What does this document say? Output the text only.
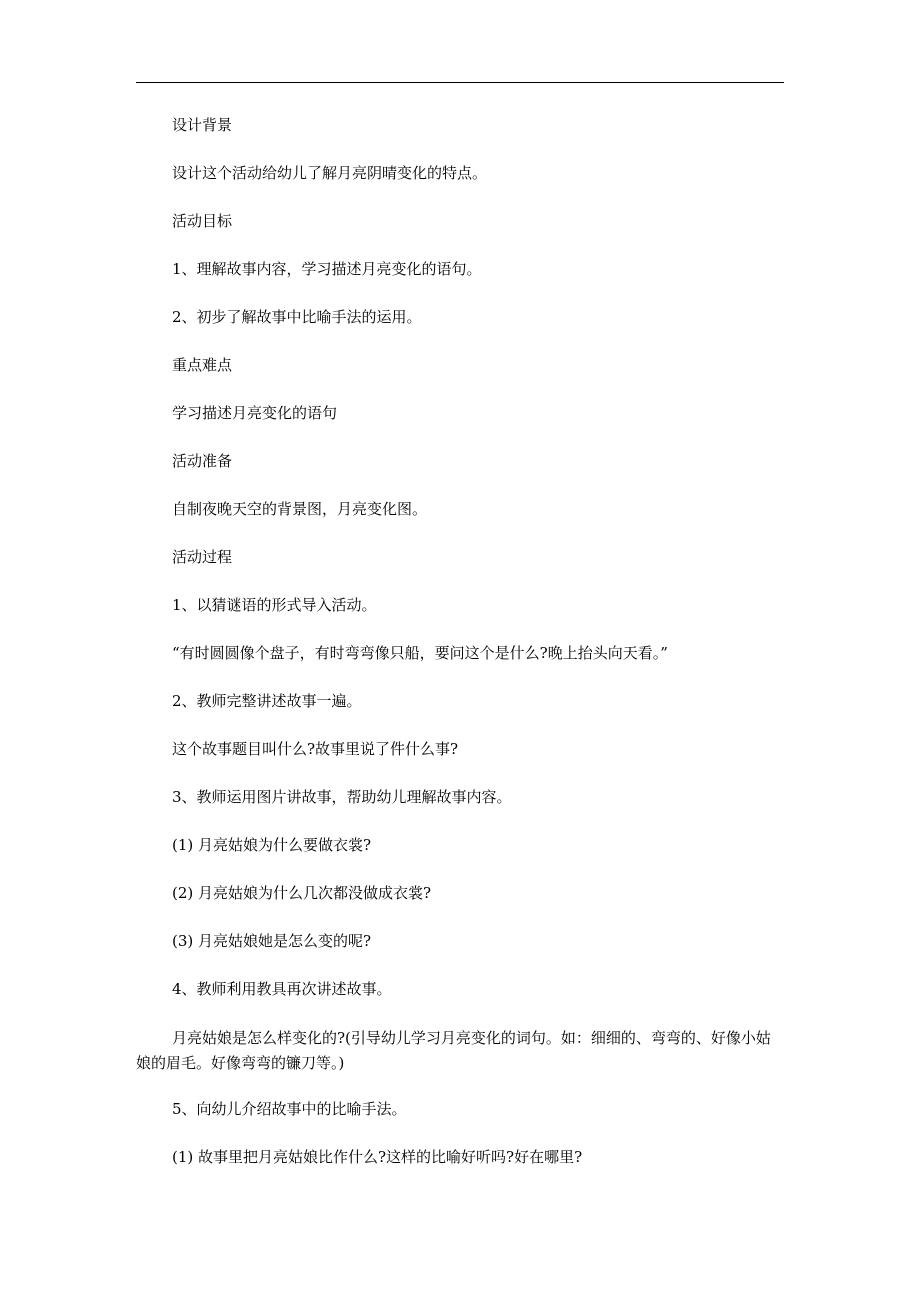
设计背景

设计这个活动给幼儿了解月亮阴晴变化的特点。

活动目标

1、理解故事内容，学习描述月亮变化的语句。

2、初步了解故事中比喻手法的运用。

重点难点

学习描述月亮变化的语句

活动准备

自制夜晚天空的背景图，月亮变化图。

活动过程

1、以猜谜语的形式导入活动。

“有时圆圆像个盘子，有时弯弯像只船，要问这个是什么?晚上抬头向天看。”

2、教师完整讲述故事一遍。

这个故事题目叫什么?故事里说了件什么事?

3、教师运用图片讲故事，帮助幼儿理解故事内容。

(1) 月亮姑娘为什么要做衣裳?

(2) 月亮姑娘为什么几次都没做成衣裳?

(3) 月亮姑娘她是怎么变的呢?

4、教师利用教具再次讲述故事。

月亮姑娘是怎么样变化的?(引导幼儿学习月亮变化的词句。如：细细的、弯弯的、好像小姑娘的眉毛。好像弯弯的镰刀等。)

5、向幼儿介绍故事中的比喻手法。

(1) 故事里把月亮姑娘比作什么?这样的比喻好听吗?好在哪里?
